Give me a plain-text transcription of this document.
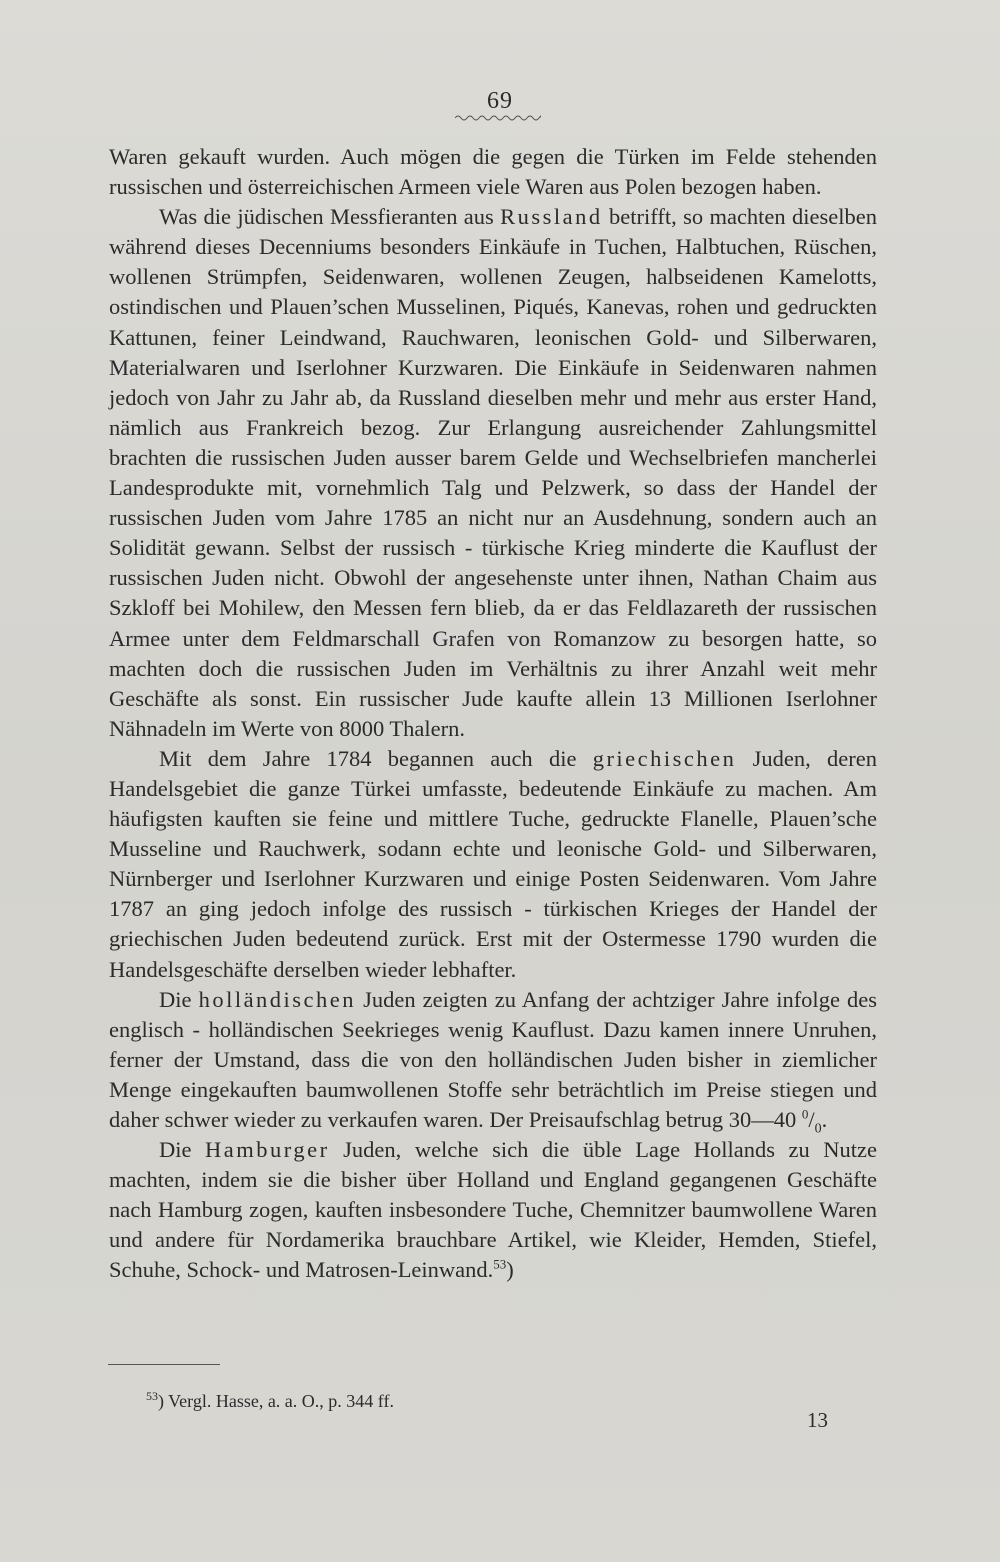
69

Waren gekauft wurden. Auch mögen die gegen die Türken im Felde stehenden russischen und österreichischen Armeen viele Waren aus Polen bezogen haben.

Was die jüdischen Messfieranten aus Russland betrifft, so machten dieselben während dieses Decenniums besonders Einkäufe in Tuchen, Halbtuchen, Rüschen, wollenen Strümpfen, Seidenwaren, wollenen Zeugen, halbseidenen Kamelotts, ostindischen und Plauen’schen Musselinen, Piqués, Kanevas, rohen und gedruckten Kattunen, feiner Leindwand, Rauchwaren, leonischen Gold- und Silberwaren, Materialwaren und Iserlohner Kurzwaren. Die Einkäufe in Seidenwaren nahmen jedoch von Jahr zu Jahr ab, da Russland dieselben mehr und mehr aus erster Hand, nämlich aus Frankreich bezog. Zur Erlangung ausreichender Zahlungsmittel brachten die russischen Juden ausser barem Gelde und Wechselbriefen mancherlei Landesprodukte mit, vornehmlich Talg und Pelzwerk, so dass der Handel der russischen Juden vom Jahre 1785 an nicht nur an Ausdehnung, sondern auch an Solidität gewann. Selbst der russisch - türkische Krieg minderte die Kauflust der russischen Juden nicht. Obwohl der angesehenste unter ihnen, Nathan Chaim aus Szkloff bei Mohilew, den Messen fern blieb, da er das Feldlazareth der russischen Armee unter dem Feldmarschall Grafen von Romanzow zu besorgen hatte, so machten doch die russischen Juden im Verhältnis zu ihrer Anzahl weit mehr Geschäfte als sonst. Ein russischer Jude kaufte allein 13 Millionen Iserlohner Nähnadeln im Werte von 8000 Thalern.

Mit dem Jahre 1784 begannen auch die griechischen Juden, deren Handelsgebiet die ganze Türkei umfasste, bedeutende Einkäufe zu machen. Am häufigsten kauften sie feine und mittlere Tuche, gedruckte Flanelle, Plauen’sche Musseline und Rauchwerk, sodann echte und leonische Gold- und Silberwaren, Nürnberger und Iserlohner Kurzwaren und einige Posten Seidenwaren. Vom Jahre 1787 an ging jedoch infolge des russisch - türkischen Krieges der Handel der griechischen Juden bedeutend zurück. Erst mit der Ostermesse 1790 wurden die Handelsgeschäfte derselben wieder lebhafter.

Die holländischen Juden zeigten zu Anfang der achtziger Jahre infolge des englisch - holländischen Seekrieges wenig Kauflust. Dazu kamen innere Unruhen, ferner der Umstand, dass die von den holländischen Juden bisher in ziemlicher Menge eingekauften baumwollenen Stoffe sehr beträchtlich im Preise stiegen und daher schwer wieder zu verkaufen waren. Der Preisaufschlag betrug 30—40 $^0/_0$.

Die Hamburger Juden, welche sich die üble Lage Hollands zu Nutze machten, indem sie die bisher über Holland und England gegangenen Geschäfte nach Hamburg zogen, kauften insbesondere Tuche, Chemnitzer baumwollene Waren und andere für Nordamerika brauchbare Artikel, wie Kleider, Hemden, Stiefel, Schuhe, Schock- und Matrosen-Leinwand.$^{53}$)

$^{53}$) Vergl. Hasse, a. a. O., p. 344 ff.
13
